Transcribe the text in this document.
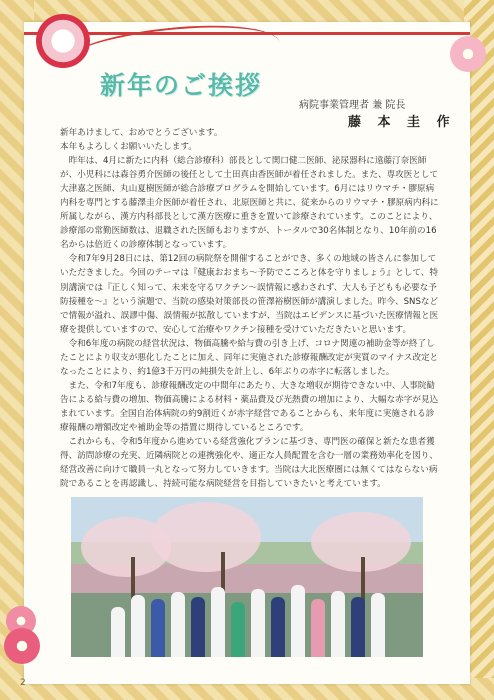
新年のご挨拶
病院事業管理者 兼 院長
藤 本 圭 作

新年あけまして、おめでとうございます。

本年もよろしくお願いいたします。

昨年は、4月に新たに内科（総合診療科）部長として関口健二医師、泌尿器科に遠藤汀奈医師が、小児科には森谷勇介医師の後任として土田真由香医師が着任されました。また、専攻医として大津嘉之医師、丸山夏樹医師が総合診療プログラムを開始しています。6月にはリウマチ・膠原病内科を専門とする藤澤圭介医師が着任され、北原医師と共に、従来からのリウマチ・膠原病内科に所属しながら、漢方内科部長として漢方医療に重きを置いて診療されています。このことにより、診療部の常勤医師数は、退職された医師もおりますが、トータルで30名体制となり、10年前の16名からは倍近くの診療体制となっています。

令和7年9月28日には、第12回の病院祭を開催することができ、多くの地域の皆さんに参加していただきました。今回のテーマは『健康おおまち～予防でこころと体を守りましょう』として、特別講演では『正しく知って、未来を守るワクチン～誤情報に惑わされず、大人も子どもも必要な予防接種を～』という演題で、当院の感染対策部長の笹澤裕樹医師が講演しました。昨今、SNSなどで情報が溢れ、誤謬中傷、誤情報が拡散していますが、当院はエビデンスに基づいた医療情報と医療を提供していますので、安心して治療やワクチン接種を受けていただきたいと思います。

令和6年度の病院の経営状況は、物価高騰や給与費の引き上げ、コロナ関連の補助金等が終了したことにより収支が悪化したことに加え、同年に実施された診療報酬改定が実質のマイナス改定となったことにより、約1億3千万円の純損失を計上し、6年ぶりの赤字に転落しました。

また、令和7年度も、診療報酬改定の中間年にあたり、大きな増収が期待できない中、人事院勧告による給与費の増加、物価高騰による材料・薬品費及び光熱費の増加により、大幅な赤字が見込まれています。全国自治体病院の約9割近くが赤字経営であることからも、来年度に実施される診療報酬の増額改定や補助金等の措置に期待しているところです。

これからも、令和5年度から進めている経営強化プランに基づき、専門医の確保と新たな患者獲得、訪問診療の充実、近隣病院との連携強化や、適正な人員配置を含む一層の業務効率化を図り、経営改善に向けて職員一丸となって努力していきます。当院は大北医療圏には無くてはならない病院であることを再認識し、持続可能な病院経営を目指していきたいと考えています。

2
